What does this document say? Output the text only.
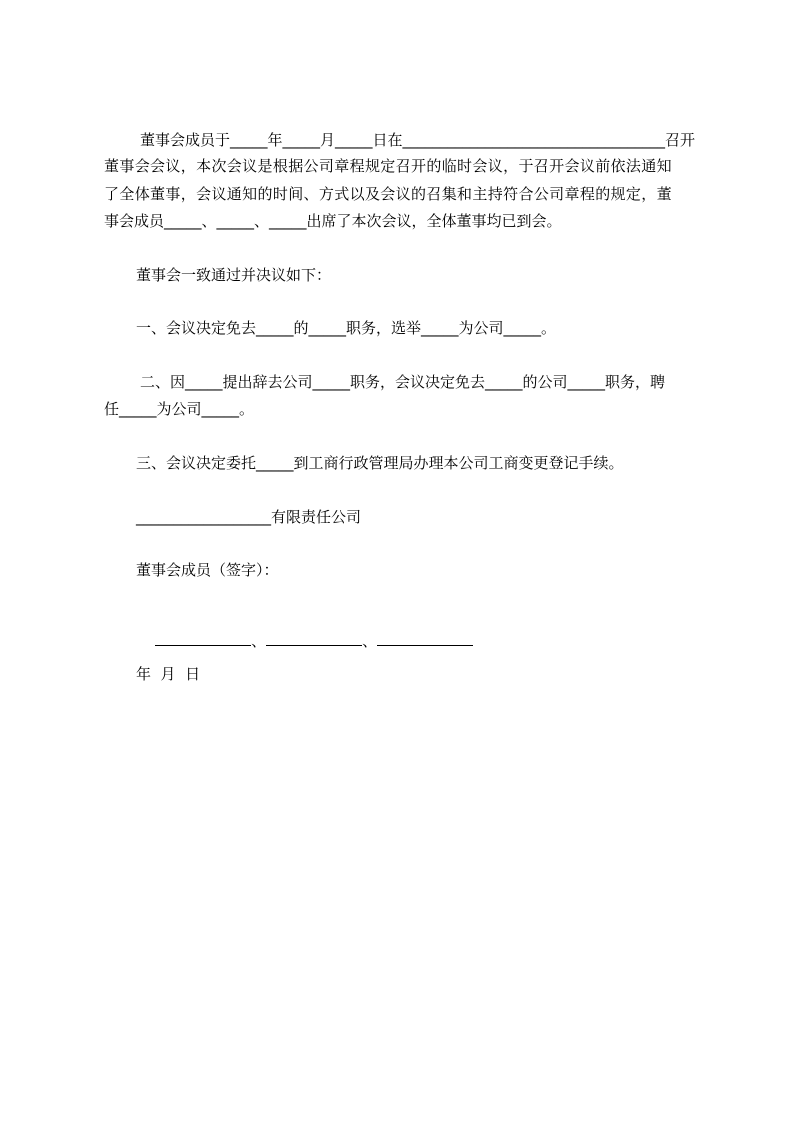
董事会成员于_____年_____月_____日在___________________________________召开
董事会会议，本次会议是根据公司章程规定召开的临时会议，于召开会议前依法通知
了全体董事，会议通知的时间、方式以及会议的召集和主持符合公司章程的规定，董
事会成员_____、_____、_____出席了本次会议，全体董事均已到会。
董事会一致通过并决议如下：
一、会议决定免去_____的_____职务，选举_____为公司_____。
二、因_____提出辞去公司_____职务，会议决定免去_____的公司_____职务，聘
任_____为公司_____。
三、会议决定委托_____到工商行政管理局办理本公司工商变更登记手续。
__________________有限责任公司
董事会成员（签字）：

、	、

年  月  日
